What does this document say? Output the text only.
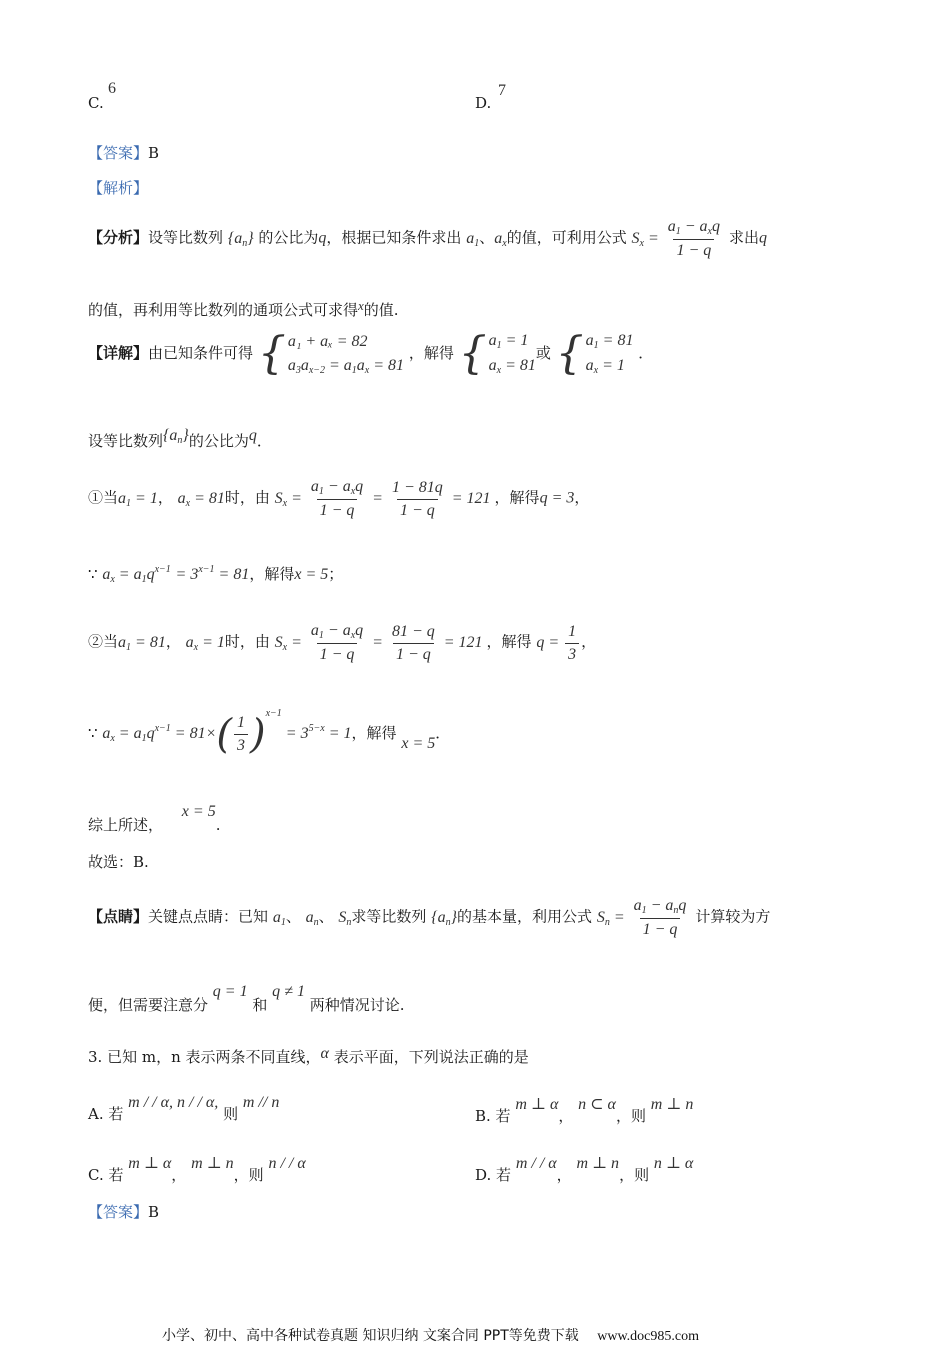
C.
6
D.
7
【答案】B
【解析】
【分析】设等比数列 $\{a_n\}$ 的公比为q，根据已知条件求出 $a_1$、$a_x$的值，可利用公式 $S_x = \frac{a_1 - a_xq}{1 - q}$ 求出q
的值，再利用等比数列的通项公式可求得x的值.
【详解】由已知条件可得 { a₁ + aₓ = 82
$a_3a_{x-2} = a_1a_x = 81$
，解得 { $a_1 = 1$
$a_x = 81$
或 { $a_1 = 81$
$a_x = 1$
．
设等比数列$\{a_n\}$的公比为q．
①当$a_1 = 1$， $a_x = 81$时，由 $S_x = \frac{a_1 - a_xq}{1 - q} = \frac{1 - 81q}{1 - q} = 121$ ，解得q = 3，
∵ $a_x = a_1q^{x-1} = 3^{x-1} = 81$，解得x = 5；
②当$a_1 = 81$， $a_x = 1$时，由 $S_x = \frac{a_1 - a_xq}{1 - q} = \frac{81 - q}{1 - q} = 121$ ，解得 $q = \frac{1}{3}$ ，
∵ $a_x = a_1q^{x-1} = 81\times( \frac{1}{3} )^{x-1} = 3^{5-x} = 1$，解得 x = 5．
综上所述， x = 5.
故选：B.
【点睛】关键点点睛：已知 $a_1$、 $a_n$、 $S_n$求等比数列 $\{a_n\}$的基本量，利用公式 $S_n = \frac{a_1 - a_nq}{1 - q}$ 计算较为方
便，但需要注意分 q = 1 和 q ≠ 1 两种情况讨论.
3. 已知 m，n 表示两条不同直线，α 表示平面，下列说法正确的是
A. 若 m / / α, n / / α, 则 m // n
B. 若 m ⊥ α， n ⊂ α，则 m ⊥ n
C. 若 m ⊥ α， m ⊥ n，则 n / / α
D. 若 m / / α， m ⊥ n，则 n ⊥ α
【答案】B
小学、初中、高中各种试卷真题 知识归纳 文案合同 PPT等免费下载 www.doc985.com
